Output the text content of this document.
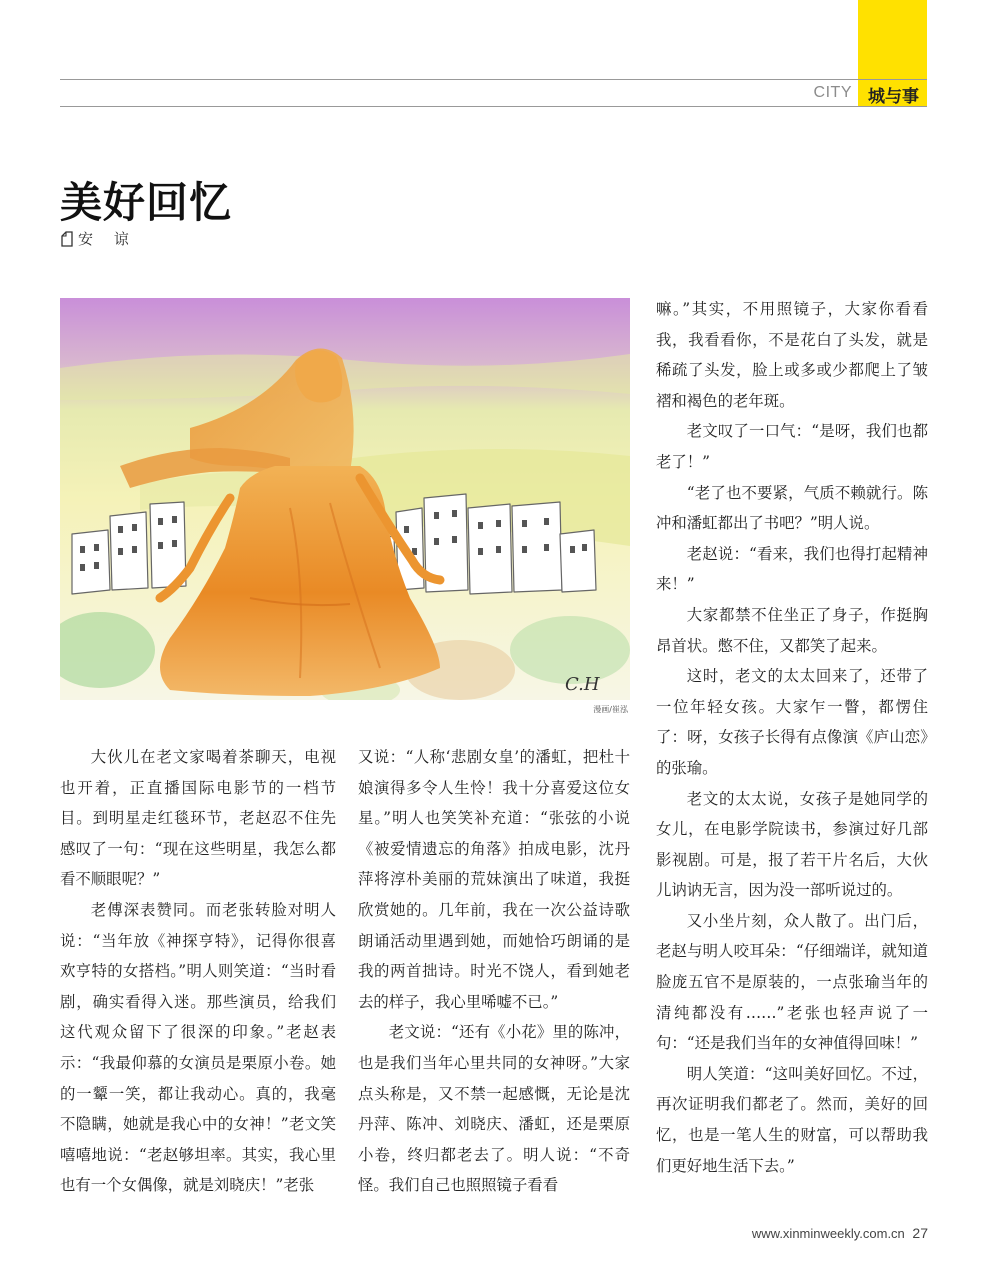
CITY 城与事
美好回忆
安 谅
C.H
漫画/崔泓

大伙儿在老文家喝着茶聊天，电视也开着，正直播国际电影节的一档节目。到明星走红毯环节，老赵忍不住先感叹了一句：“现在这些明星，我怎么都看不顺眼呢？”

老傅深表赞同。而老张转脸对明人说：“当年放《神探亨特》，记得你很喜欢亨特的女搭档。”明人则笑道：“当时看剧，确实看得入迷。那些演员，给我们这代观众留下了很深的印象。”老赵表示：“我最仰慕的女演员是栗原小卷。她的一颦一笑，都让我动心。真的，我毫不隐瞒，她就是我心中的女神！”老文笑嘻嘻地说：“老赵够坦率。其实，我心里也有一个女偶像，就是刘晓庆！”老张

又说：“人称‘悲剧女皇’的潘虹，把杜十娘演得多令人生怜！我十分喜爱这位女星。”明人也笑笑补充道：“张弦的小说《被爱情遗忘的角落》拍成电影，沈丹萍将淳朴美丽的荒妹演出了味道，我挺欣赏她的。几年前，我在一次公益诗歌朗诵活动里遇到她，而她恰巧朗诵的是我的两首拙诗。时光不饶人，看到她老去的样子，我心里唏嘘不已。”

老文说：“还有《小花》里的陈冲，也是我们当年心里共同的女神呀。”大家点头称是，又不禁一起感慨，无论是沈丹萍、陈冲、刘晓庆、潘虹，还是栗原小卷，终归都老去了。明人说：“不奇怪。我们自己也照照镜子看看

嘛。”其实，不用照镜子，大家你看看我，我看看你，不是花白了头发，就是稀疏了头发，脸上或多或少都爬上了皱褶和褐色的老年斑。

老文叹了一口气：“是呀，我们也都老了！”

“老了也不要紧，气质不赖就行。陈冲和潘虹都出了书吧？”明人说。

老赵说：“看来，我们也得打起精神来！”

大家都禁不住坐正了身子，作挺胸昂首状。憋不住，又都笑了起来。

这时，老文的太太回来了，还带了一位年轻女孩。大家乍一瞥，都愣住了：呀，女孩子长得有点像演《庐山恋》的张瑜。

老文的太太说，女孩子是她同学的女儿，在电影学院读书，参演过好几部影视剧。可是，报了若干片名后，大伙儿讷讷无言，因为没一部听说过的。

又小坐片刻，众人散了。出门后，老赵与明人咬耳朵：“仔细端详，就知道脸庞五官不是原装的，一点张瑜当年的清纯都没有……”老张也轻声说了一句：“还是我们当年的女神值得回味！”

明人笑道：“这叫美好回忆。不过，再次证明我们都老了。然而，美好的回忆，也是一笔人生的财富，可以帮助我们更好地生活下去。”

www.xinminweekly.com.cn 27
